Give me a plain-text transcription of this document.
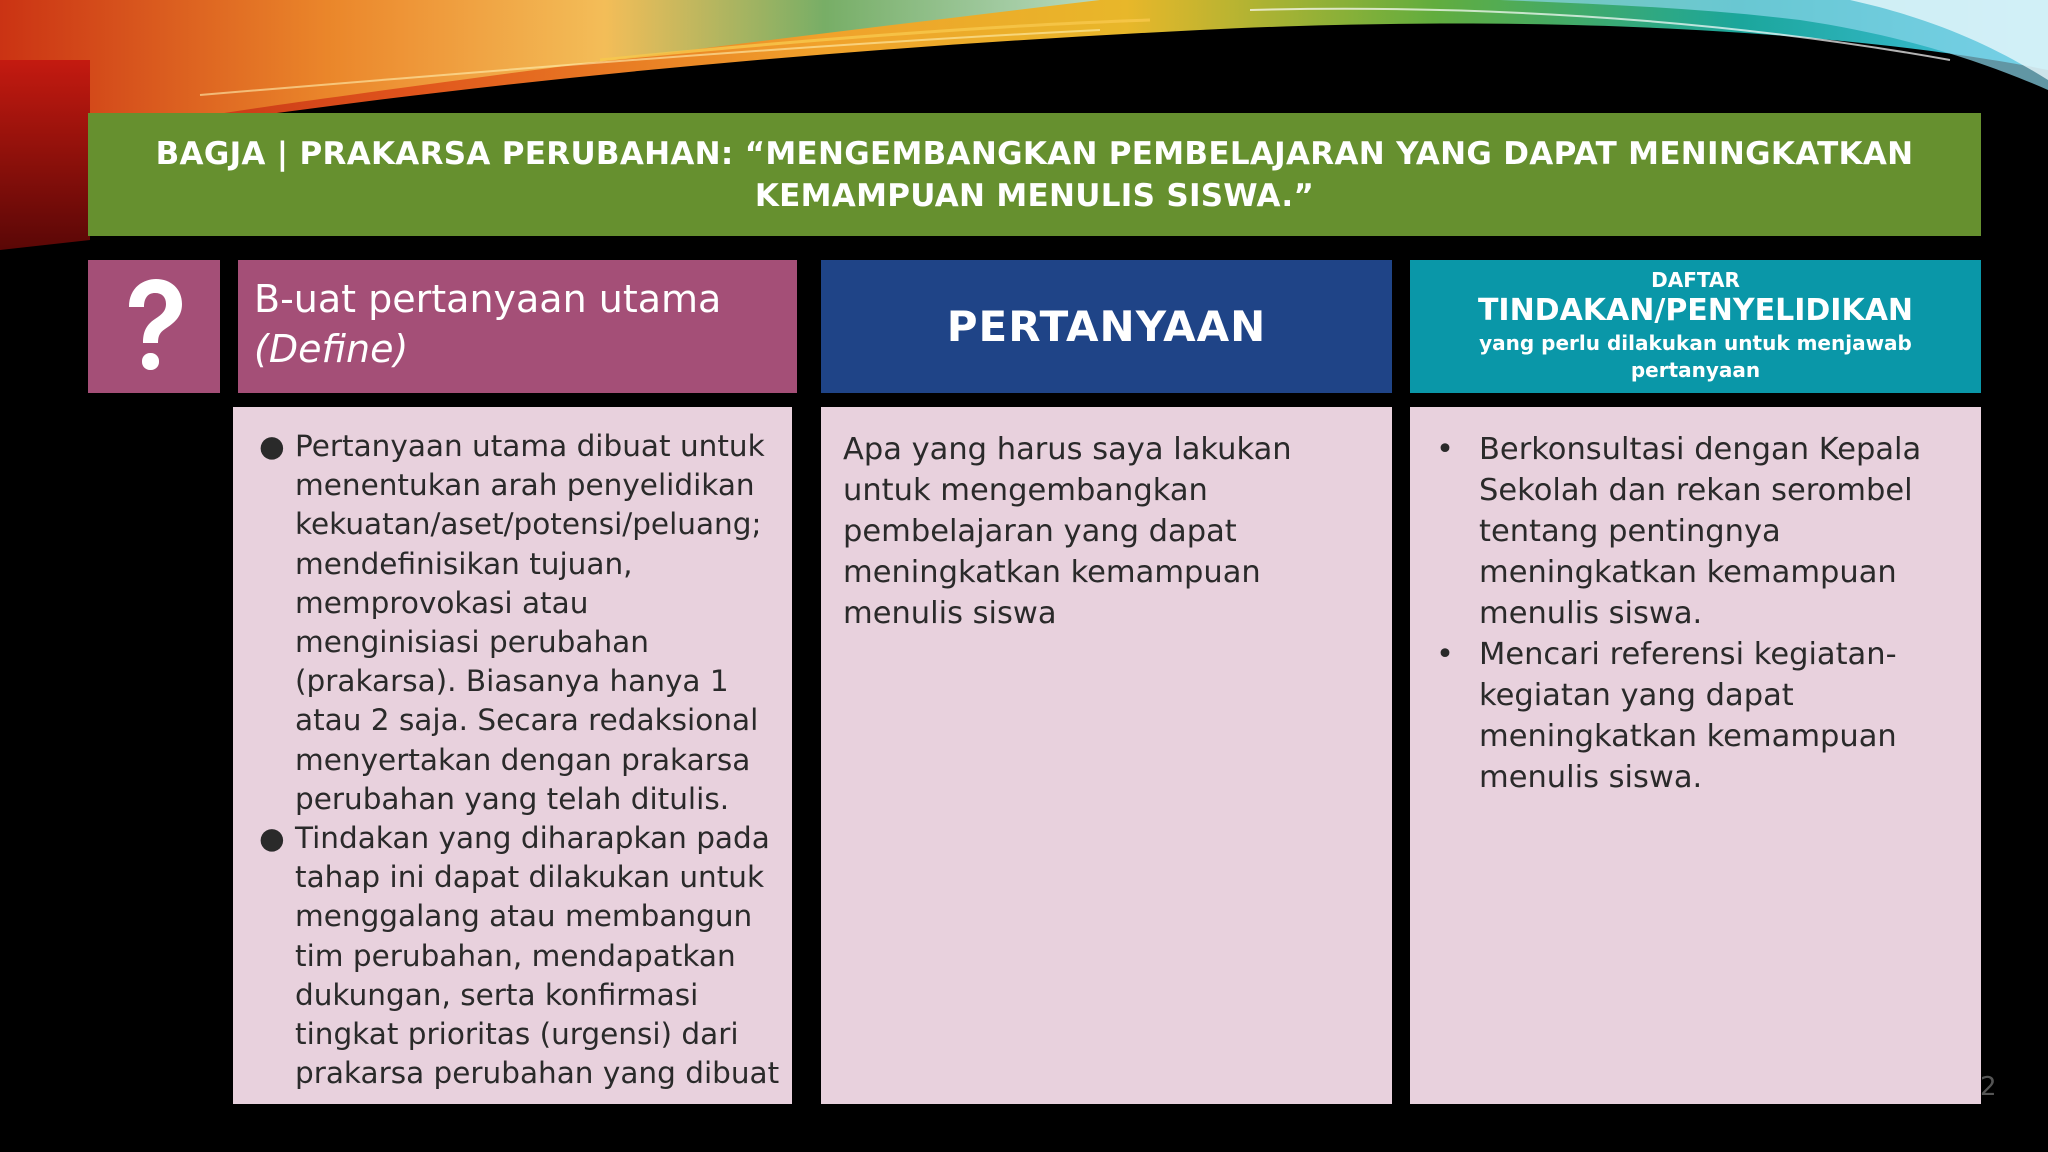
BAGJA | PRAKARSA PERUBAHAN: “MENGEMBANGKAN PEMBELAJARAN YANG DAPAT MENINGKATKAN
KEMAMPUAN MENULIS SISWA.”
B-uat pertanyaan utama
(Define)	PERTANYAAN
DAFTAR
TINDAKAN/PENYELIDIKAN
yang perlu dilakukan untuk menjawab
pertanyaan
● Pertanyaan utama dibuat untuk menentukan arah penyelidikan kekuatan/aset/potensi/peluang; mendefinisikan tujuan, memprovokasi atau menginisiasi perubahan (prakarsa). Biasanya hanya 1 atau 2 saja. Secara redaksional menyertakan dengan prakarsa perubahan yang telah ditulis.
● Tindakan yang diharapkan pada tahap ini dapat dilakukan untuk menggalang atau membangun tim perubahan, mendapatkan dukungan, serta konfirmasi tingkat prioritas (urgensi) dari prakarsa perubahan yang dibuat
Apa yang harus saya lakukan untuk mengembangkan pembelajaran yang dapat meningkatkan kemampuan menulis siswa
• Berkonsultasi dengan Kepala Sekolah dan rekan serombel tentang pentingnya meningkatkan kemampuan menulis siswa.
• Mencari referensi kegiatan-kegiatan yang dapat meningkatkan kemampuan menulis siswa.
2
